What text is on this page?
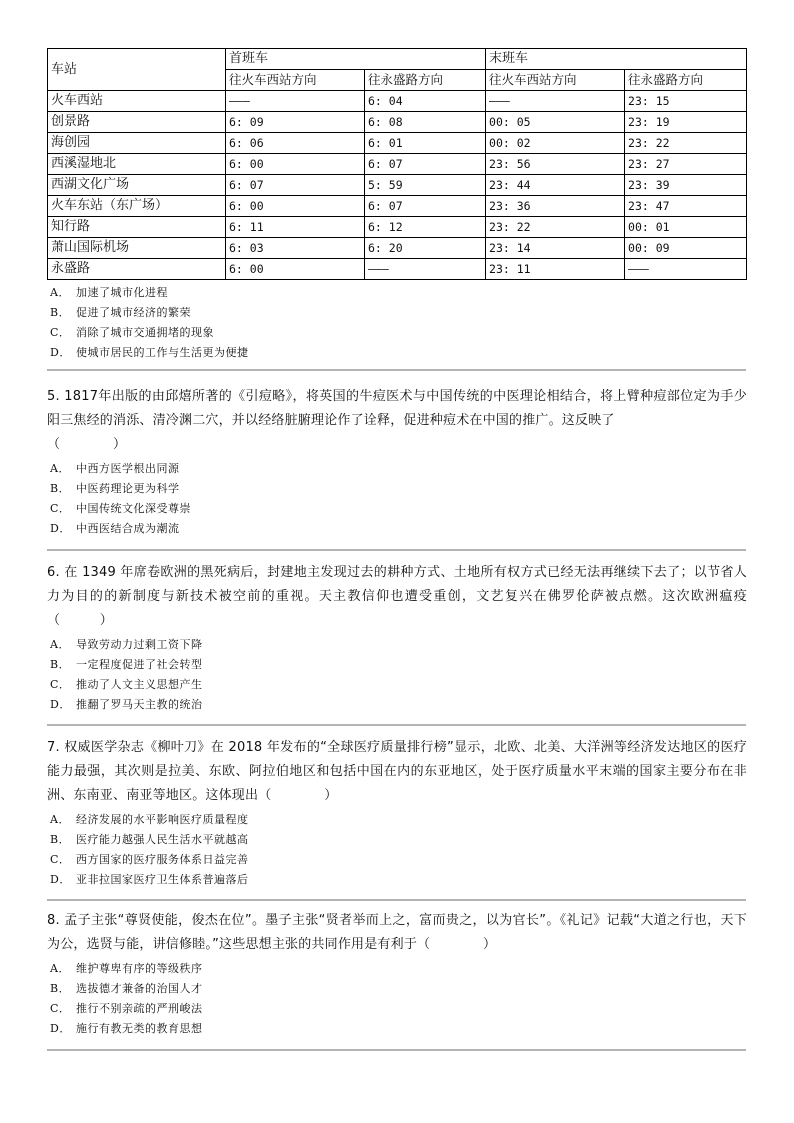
车站	首班车		末班车	
	往火车西站方向	往永盛路方向	往火车西站方向	往永盛路方向
火车西站	———	6: 04	———	23: 15
创景路	6: 09	6: 08	00: 05	23: 19
海创园	6: 06	6: 01	00: 02	23: 22
西溪湿地北	6: 00	6: 07	23: 56	23: 27
西湖文化广场	6: 07	5: 59	23: 44	23: 39
火车东站（东广场）	6: 00	6: 07	23: 36	23: 47
知行路	6: 11	6: 12	23: 22	00: 01
萧山国际机场	6: 03	6: 20	23: 14	00: 09
永盛路	6: 00	———	23: 11	———

A． 加速了城市化进程

B． 促进了城市经济的繁荣

C． 消除了城市交通拥堵的现象

D． 使城市居民的工作与生活更为便捷

5. 1817年出版的由邱熺所著的《引痘略》，将英国的牛痘医术与中国传统的中医理论相结合，将上臂种痘部位定为手少阳三焦经的消泺、清冷渊二穴，并以经络脏腑理论作了诠释，促进种痘术在中国的推广。这反映了
（　　　　）

A． 中西方医学根出同源

B． 中医药理论更为科学

C． 中国传统文化深受尊崇

D． 中西医结合成为潮流

6. 在 1349 年席卷欧洲的黑死病后，封建地主发现过去的耕种方式、土地所有权方式已经无法再继续下去了；以节省人力为目的的新制度与新技术被空前的重视。天主教信仰也遭受重创，文艺复兴在佛罗伦萨被点燃。这次欧洲瘟疫（　　　）

A． 导致劳动力过剩工资下降

B． 一定程度促进了社会转型

C． 推动了人文主义思想产生

D． 推翻了罗马天主教的统治

7. 权威医学杂志《柳叶刀》在 2018 年发布的“全球医疗质量排行榜”显示，北欧、北美、大洋洲等经济发达地区的医疗能力最强，其次则是拉美、东欧、阿拉伯地区和包括中国在内的东亚地区，处于医疗质量水平末端的国家主要分布在非洲、东南亚、南亚等地区。这体现出（　　　　）

A． 经济发展的水平影响医疗质量程度

B． 医疗能力越强人民生活水平就越高

C． 西方国家的医疗服务体系日益完善

D． 亚非拉国家医疗卫生体系普遍落后

8. 孟子主张“尊贤使能，俊杰在位”。墨子主张“贤者举而上之，富而贵之，以为官长”。《礼记》记载“大道之行也，天下为公，选贤与能，讲信修睦。”这些思想主张的共同作用是有利于（　　　　）

A． 维护尊卑有序的等级秩序

B． 选拔德才兼备的治国人才

C． 推行不别亲疏的严刑峻法

D． 施行有教无类的教育思想
